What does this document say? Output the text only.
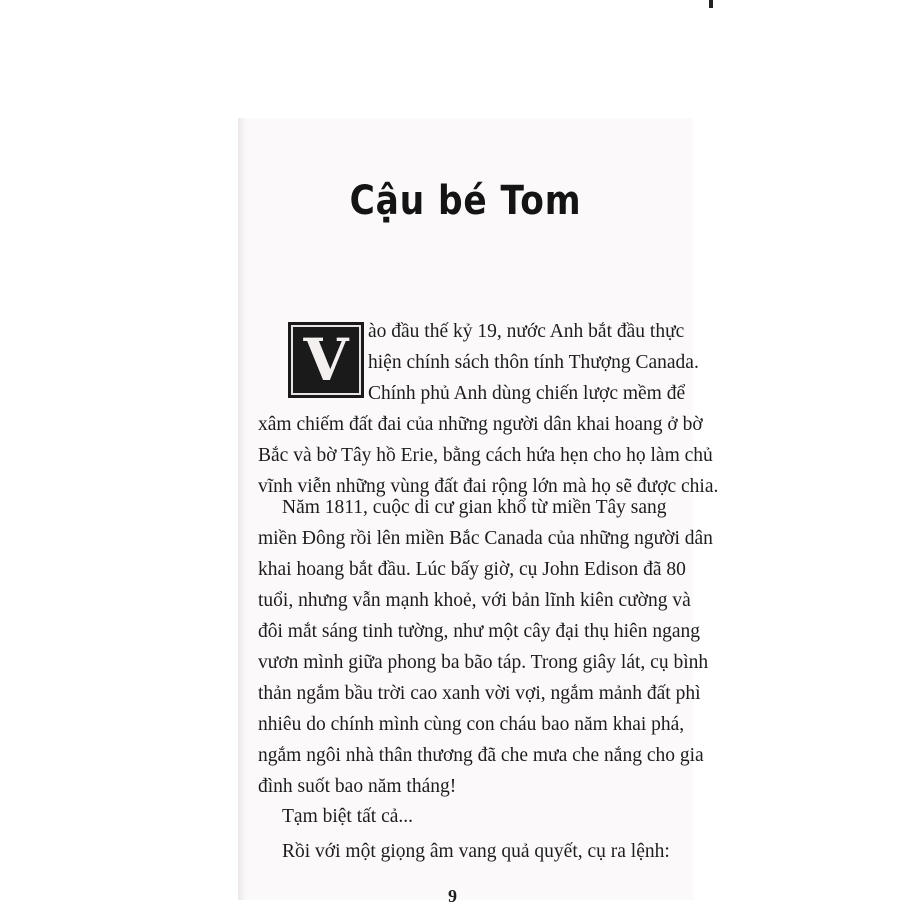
Cậu bé Tom
V	ào đầu thế kỷ 19, nước Anh bắt đầu thực
hiện chính sách thôn tính Thượng Canada.
Chính phủ Anh dùng chiến lược mềm để
xâm chiếm đất đai của những người dân khai hoang ở bờ
Bắc và bờ Tây hồ Erie, bằng cách hứa hẹn cho họ làm chủ
vĩnh viễn những vùng đất đai rộng lớn mà họ sẽ được chia.
Năm 1811, cuộc di cư gian khổ từ miền Tây sang
miền Đông rồi lên miền Bắc Canada của những người dân
khai hoang bắt đầu. Lúc bấy giờ, cụ John Edison đã 80
tuổi, nhưng vẫn mạnh khoẻ, với bản lĩnh kiên cường và
đôi mắt sáng tinh tường, như một cây đại thụ hiên ngang
vươn mình giữa phong ba bão táp. Trong giây lát, cụ bình
thản ngắm bầu trời cao xanh vời vợi, ngắm mảnh đất phì
nhiêu do chính mình cùng con cháu bao năm khai phá,
ngắm ngôi nhà thân thương đã che mưa che nắng cho gia
đình suốt bao năm tháng!
Tạm biệt tất cả...
Rồi với một giọng âm vang quả quyết, cụ ra lệnh:
9
